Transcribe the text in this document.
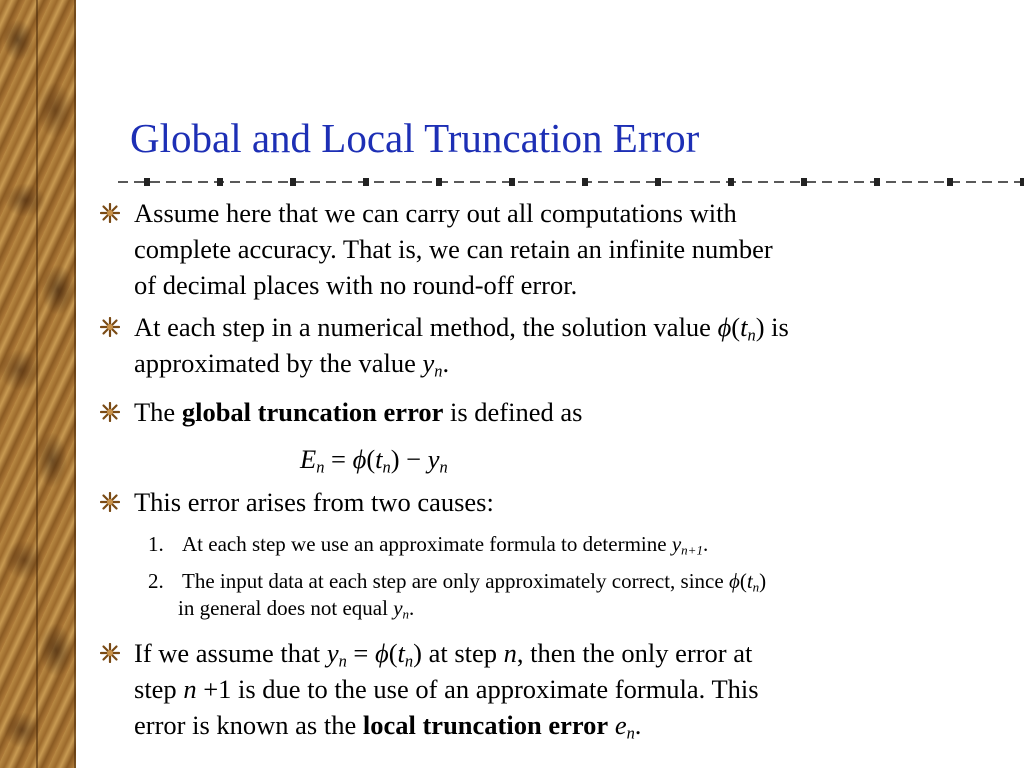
Global and Local Truncation Error
Assume here that we can carry out all computations with
complete accuracy. That is, we can retain an infinite number
of decimal places with no round-off error.
At each step in a numerical method, the solution value $\phi(t_n)$ is
approximated by the value $y_n$.
The global truncation error is defined as
$E_n = \phi(t_n) - y_n$
This error arises from two causes:
1. At each step we use an approximate formula to determine $y_{n+1}$.
2. The input data at each step are only approximately correct, since $\phi(t_n)$
in general does not equal $y_n$.
If we assume that $y_n = \phi(t_n)$ at step n, then the only error at
step n +1 is due to the use of an approximate formula. This
error is known as the local truncation error $e_n$.
